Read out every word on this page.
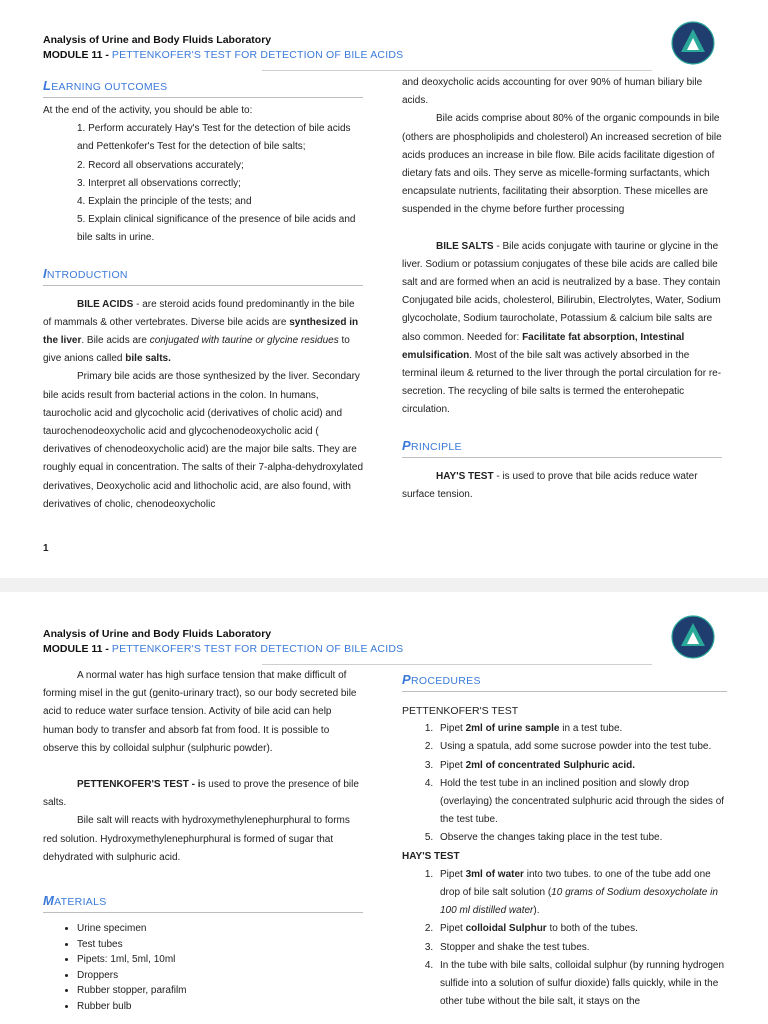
Analysis of Urine and Body Fluids Laboratory
MODULE 11 - PETTENKOFER'S TEST FOR DETECTION OF BILE ACIDS
LEARNING OUTCOMES

At the end of the activity, you should be able to:

1. Perform accurately Hay's Test for the detection of bile acids and Pettenkofer's Test for the detection of bile salts;

2. Record all observations accurately;

3. Interpret all observations correctly;

4. Explain the principle of the tests; and

5. Explain clinical significance of the presence of bile acids and bile salts in urine.

INTRODUCTION

BILE ACIDS - are steroid acids found predominantly in the bile of mammals & other vertebrates. Diverse bile acids are synthesized in the liver. Bile acids are conjugated with taurine or glycine residues to give anions called bile salts.

Primary bile acids are those synthesized by the liver. Secondary bile acids result from bacterial actions in the colon. In humans, taurocholic acid and glycocholic acid (derivatives of cholic acid) and taurochenodeoxycholic acid and glycochenodeoxycholic acid ( derivatives of chenodeoxycholic acid) are the major bile salts. They are roughly equal in concentration. The salts of their 7-alpha-dehydroxylated derivatives, Deoxycholic acid and lithocholic acid, are also found, with derivatives of cholic, chenodeoxycholic

and deoxycholic acids accounting for over 90% of human biliary bile acids.

Bile acids comprise about 80% of the organic compounds in bile (others are phospholipids and cholesterol) An increased secretion of bile acids produces an increase in bile flow. Bile acids facilitate digestion of dietary fats and oils. They serve as micelle-forming surfactants, which encapsulate nutrients, facilitating their absorption. These micelles are suspended in the chyme before further processing

BILE SALTS - Bile acids conjugate with taurine or glycine in the liver. Sodium or potassium conjugates of these bile acids are called bile salt and are formed when an acid is neutralized by a base. They contain Conjugated bile acids, cholesterol, Bilirubin, Electrolytes, Water, Sodium glycocholate, Sodium taurocholate, Potassium & calcium bile salts are also common. Needed for: Facilitate fat absorption, Intestinal emulsification. Most of the bile salt was actively absorbed in the terminal ileum & returned to the liver through the portal circulation for re-secretion. The recycling of bile salts is termed the enterohepatic circulation.

PRINCIPLE

HAY'S TEST - is used to prove that bile acids reduce water surface tension.

1
Analysis of Urine and Body Fluids Laboratory
MODULE 11 - PETTENKOFER'S TEST FOR DETECTION OF BILE ACIDS

A normal water has high surface tension that make difficult of forming misel in the gut (genito-urinary tract), so our body secreted bile acid to reduce water surface tension. Activity of bile acid can help human body to transfer and absorb fat from food. It is possible to observe this by colloidal sulphur (sulphuric powder).

PETTENKOFER'S TEST - is used to prove the presence of bile salts.

Bile salt will reacts with hydroxymethylenephurphural to forms red solution. Hydroxymethylenephurphural is formed of sugar that dehydrated with sulphuric acid.

MATERIALS
• Urine specimen
• Test tubes
• Pipets: 1ml, 5ml, 10ml
• Droppers
• Rubber stopper, parafilm
• Rubber bulb
PROCEDURES

PETTENKOFER'S TEST

1. Pipet 2ml of urine sample in a test tube.
2. Using a spatula, add some sucrose powder into the test tube.
3. Pipet 2ml of concentrated Sulphuric acid.
4. Hold the test tube in an inclined position and slowly drop (overlaying) the concentrated sulphuric acid through the sides of the test tube.
5. Observe the changes taking place in the test tube.

HAY'S TEST

1. Pipet 3ml of water into two tubes. to one of the tube add one drop of bile salt solution (10 grams of Sodium desoxycholate in 100 ml distilled water).
2. Pipet colloidal Sulphur to both of the tubes.
3. Stopper and shake the test tubes.
4. In the tube with bile salts, colloidal sulphur (by running hydrogen sulfide into a solution of sulfur dioxide) falls quickly, while in the other tube without the bile salt, it stays on the
